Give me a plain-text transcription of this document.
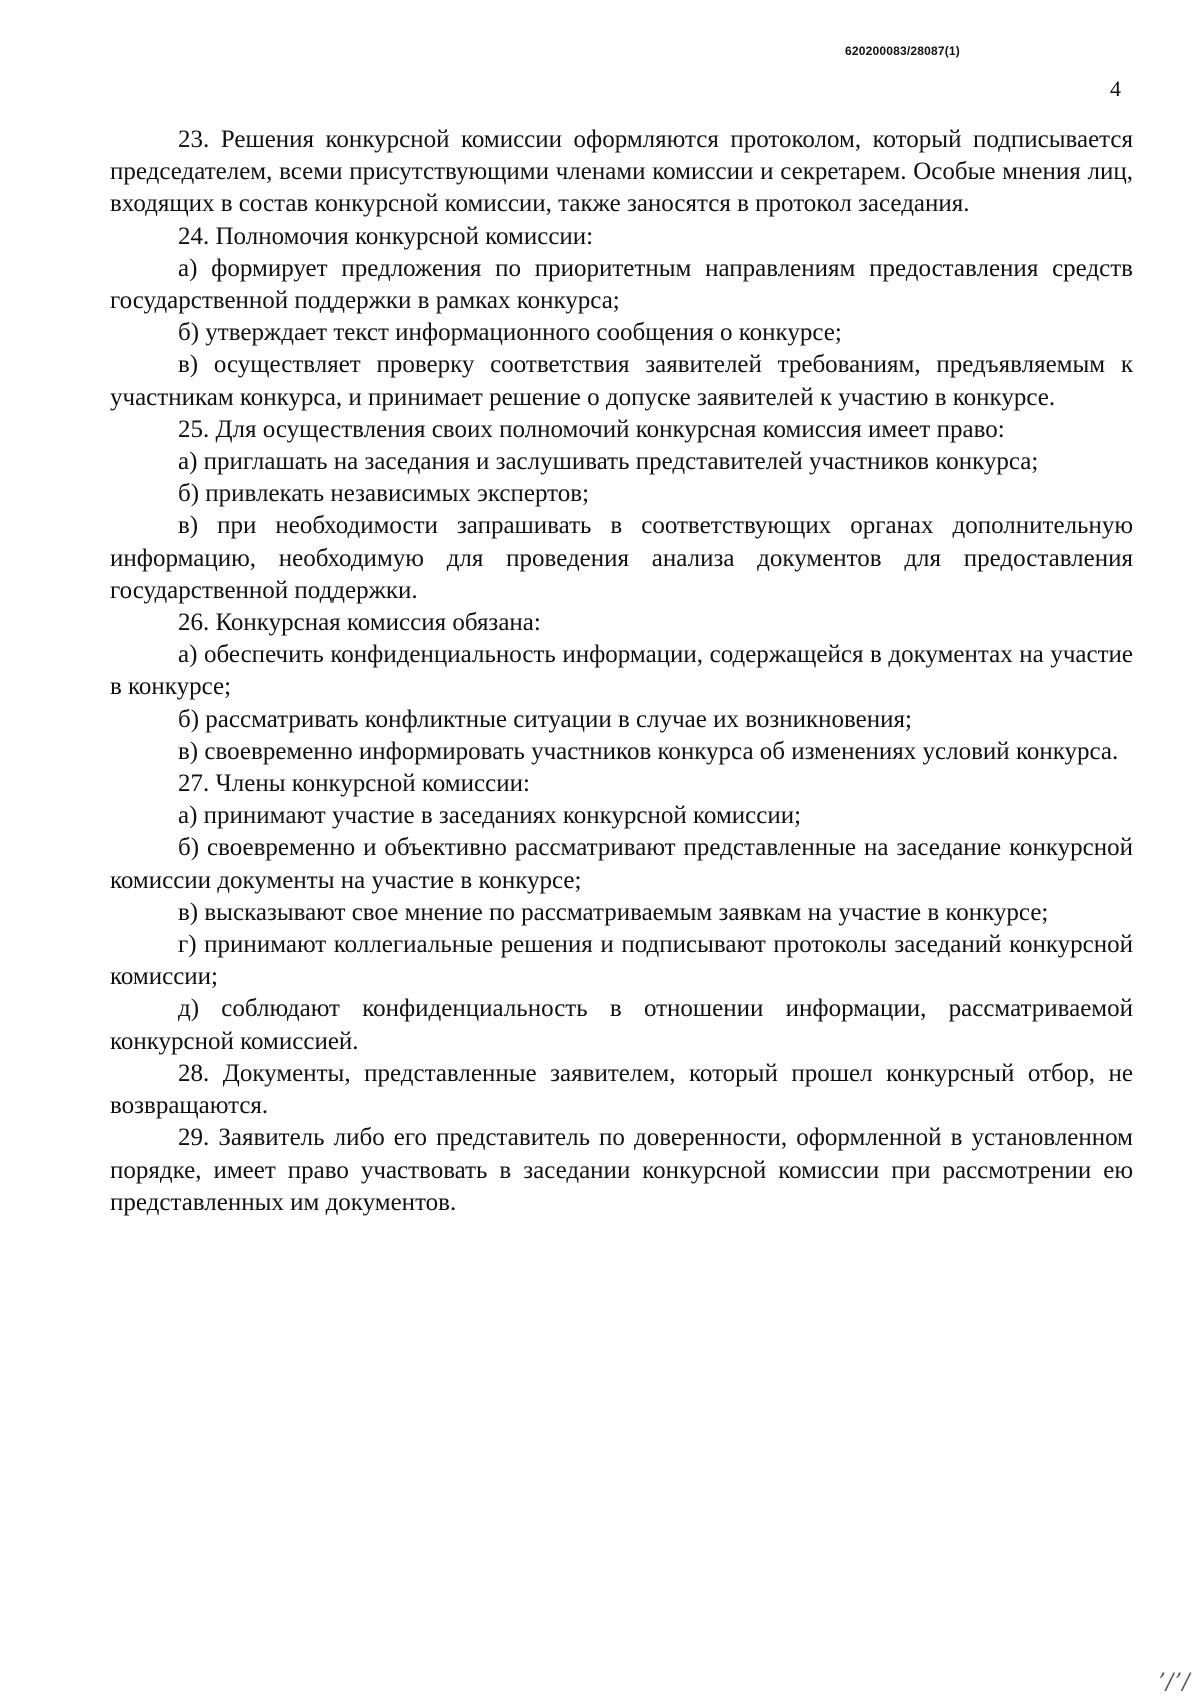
620200083/28087(1)
4

23. Решения конкурсной комиссии оформляются протоколом, который подписывается председателем, всеми присутствующими членами комиссии и секретарем. Особые мнения лиц, входящих в состав конкурсной комиссии, также заносятся в протокол заседания.

24. Полномочия конкурсной комиссии:

а) формирует предложения по приоритетным направлениям предоставления средств государственной поддержки в рамках конкурса;

б) утверждает текст информационного сообщения о конкурсе;

в) осуществляет проверку соответствия заявителей требованиям, предъявляемым к участникам конкурса, и принимает решение о допуске заявителей к участию в конкурсе.

25. Для осуществления своих полномочий конкурсная комиссия имеет право:

а) приглашать на заседания и заслушивать представителей участников конкурса;

б) привлекать независимых экспертов;

в) при необходимости запрашивать в соответствующих органах дополнительную информацию, необходимую для проведения анализа документов для предоставления государственной поддержки.

26. Конкурсная комиссия обязана:

а) обеспечить конфиденциальность информации, содержащейся в документах на участие в конкурсе;

б) рассматривать конфликтные ситуации в случае их возникновения;

в) своевременно информировать участников конкурса об изменениях условий конкурса.

27. Члены конкурсной комиссии:

а) принимают участие в заседаниях конкурсной комиссии;

б) своевременно и объективно рассматривают представленные на заседание конкурсной комиссии документы на участие в конкурсе;

в) высказывают свое мнение по рассматриваемым заявкам на участие в конкурсе;

г) принимают коллегиальные решения и подписывают протоколы заседаний конкурсной комиссии;

д) соблюдают конфиденциальность в отношении информации, рассматриваемой конкурсной комиссией.

28. Документы, представленные заявителем, который прошел конкурсный отбор, не возвращаются.

29. Заявитель либо его представитель по доверенности, оформленной в установленном порядке, имеет право участвовать в заседании конкурсной комиссии при рассмотрении ею представленных им документов.

ʼ/ʼ/
